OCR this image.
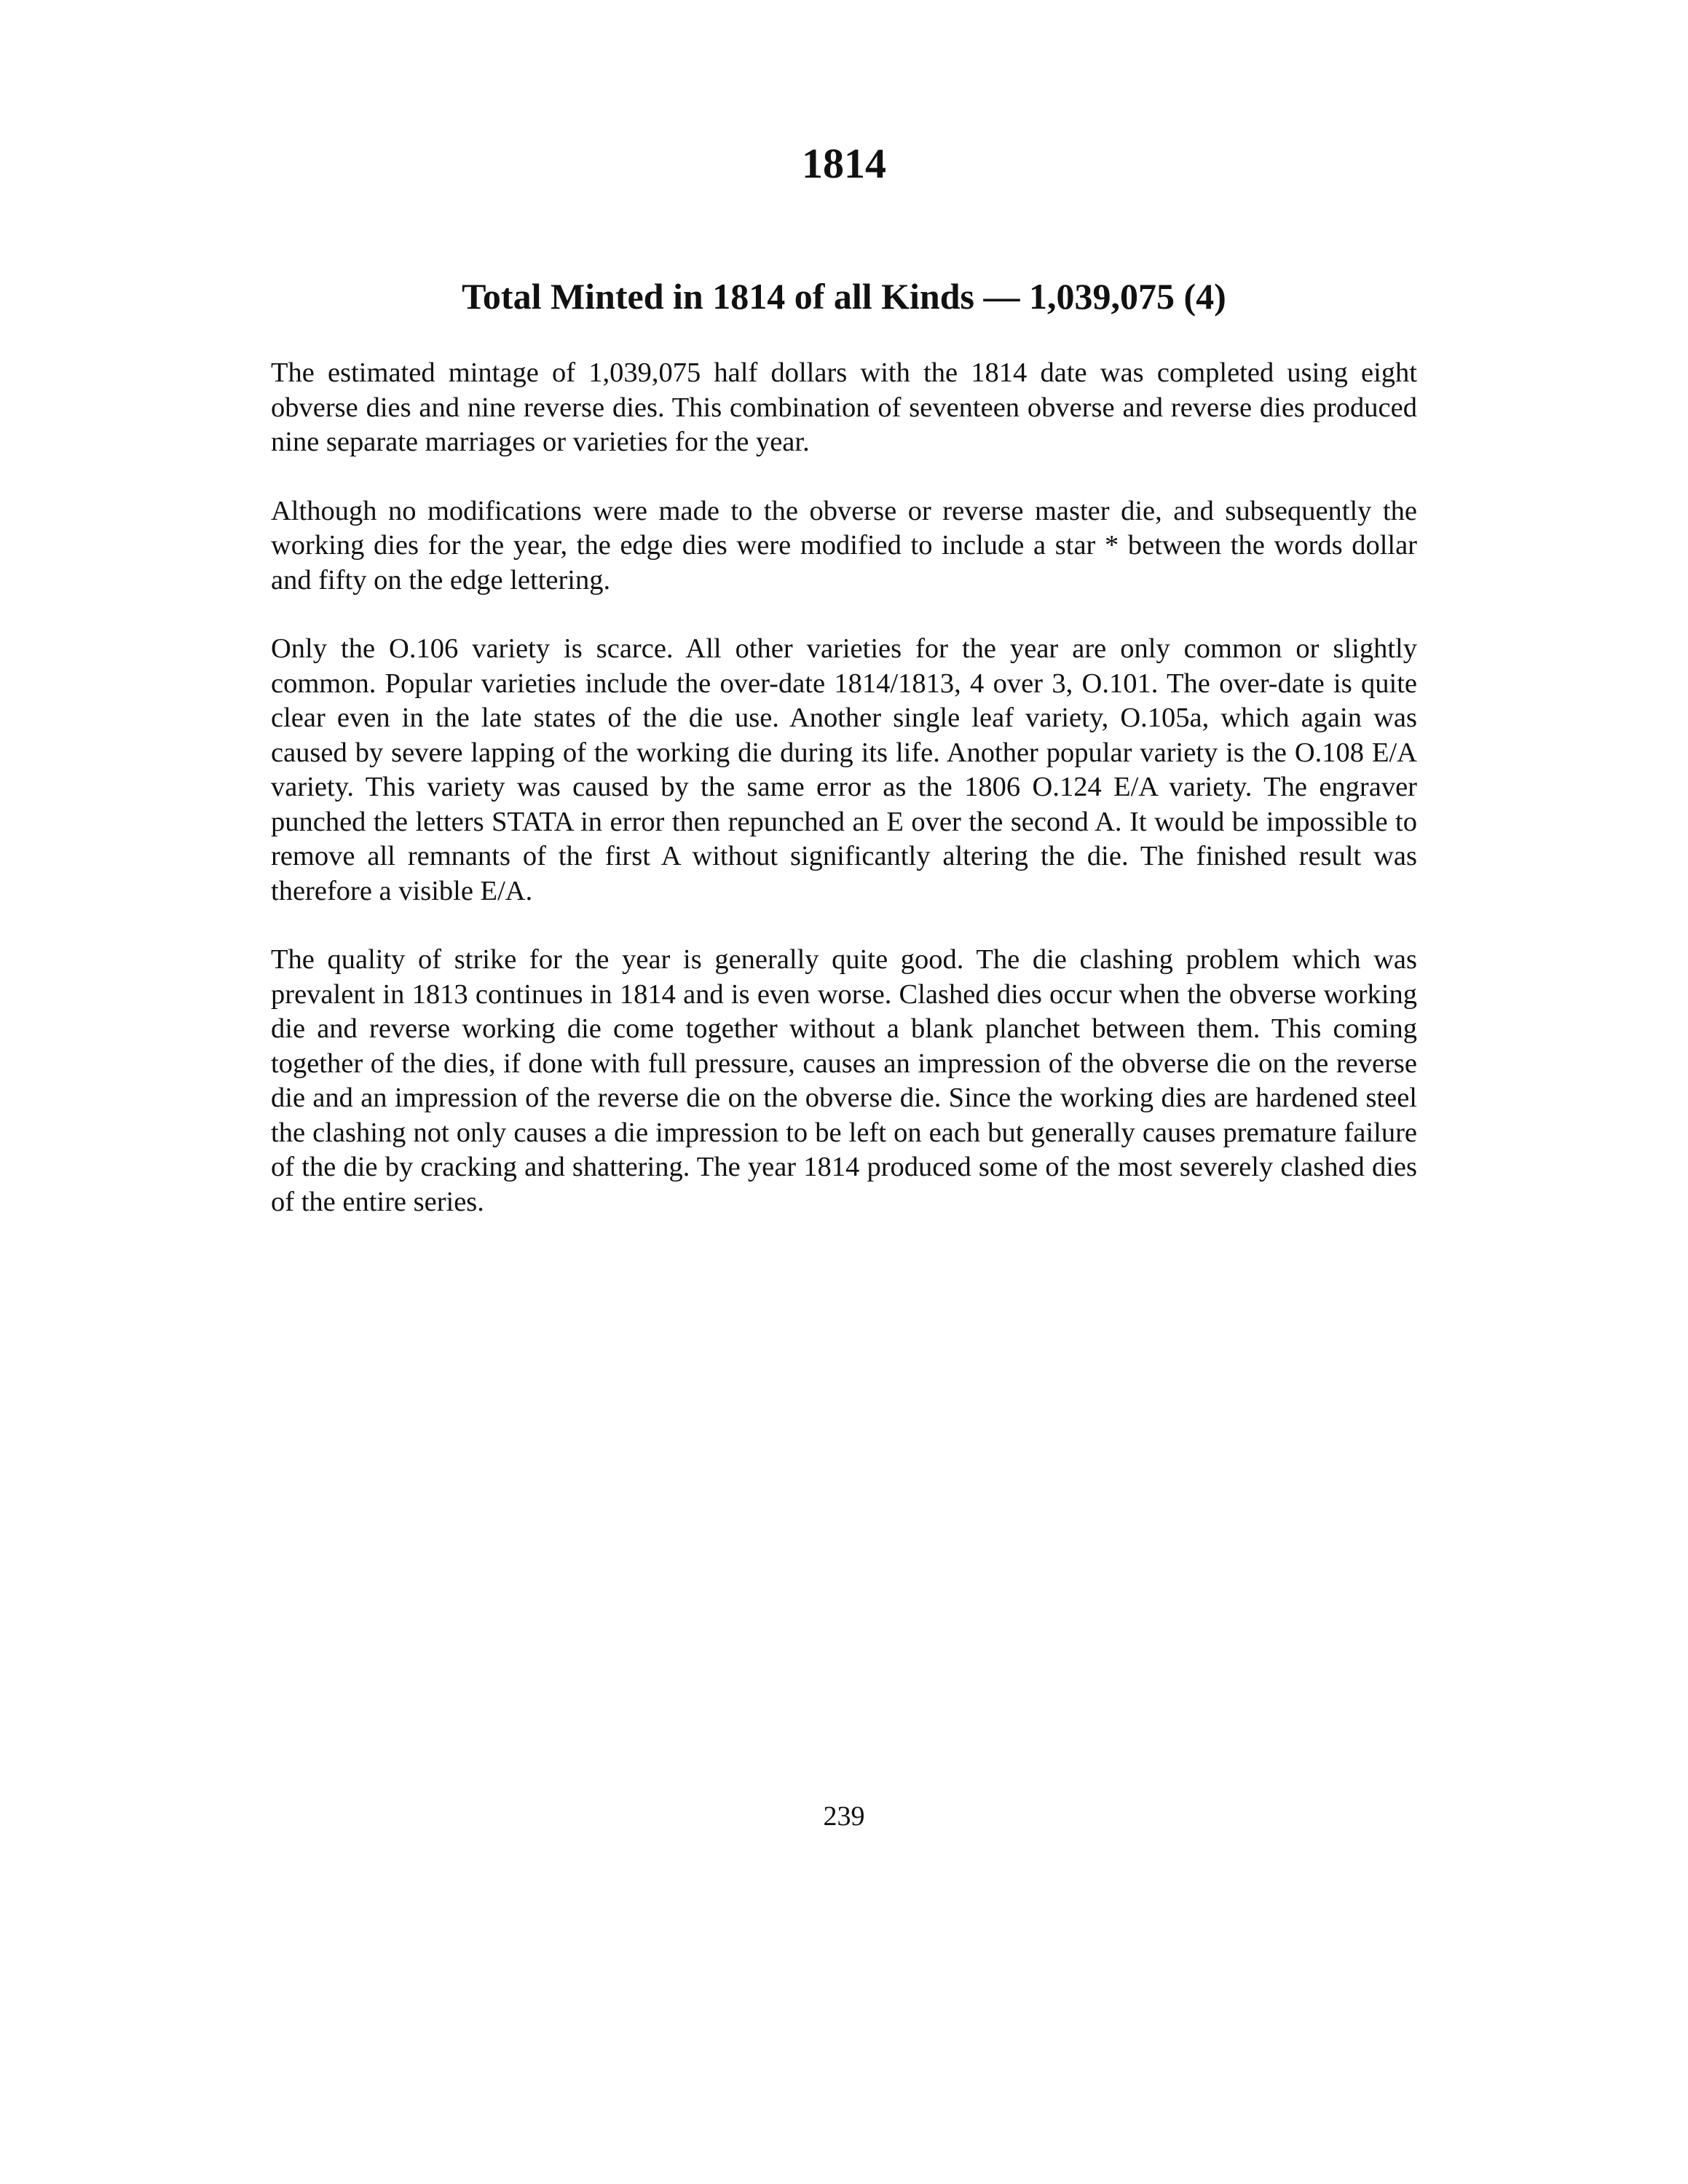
1814
Total Minted in 1814 of all Kinds — 1,039,075 (4)

The estimated mintage of 1,039,075 half dollars with the 1814 date was completed using eight obverse dies and nine reverse dies. This combination of seventeen obverse and reverse dies produced nine separate marriages or varieties for the year.

Although no modifications were made to the obverse or reverse master die, and subsequently the working dies for the year, the edge dies were modified to include a star * between the words dollar and fifty on the edge lettering.

Only the O.106 variety is scarce. All other varieties for the year are only common or slightly common. Popular varieties include the over-date 1814/1813, 4 over 3, O.101. The over-date is quite clear even in the late states of the die use. Another single leaf variety, O.105a, which again was caused by severe lapping of the working die during its life. Another popular variety is the O.108 E/A variety. This variety was caused by the same error as the 1806 O.124 E/A variety. The engraver punched the letters STATA in error then repunched an E over the second A. It would be impossible to remove all remnants of the first A without significantly altering the die. The finished result was therefore a visible E/A.

The quality of strike for the year is generally quite good. The die clashing problem which was prevalent in 1813 continues in 1814 and is even worse. Clashed dies occur when the obverse working die and reverse working die come together without a blank planchet between them. This coming together of the dies, if done with full pressure, causes an impression of the obverse die on the reverse die and an impression of the reverse die on the obverse die. Since the working dies are hardened steel the clashing not only causes a die impression to be left on each but generally causes premature failure of the die by cracking and shattering. The year 1814 produced some of the most severely clashed dies of the entire series.

239
